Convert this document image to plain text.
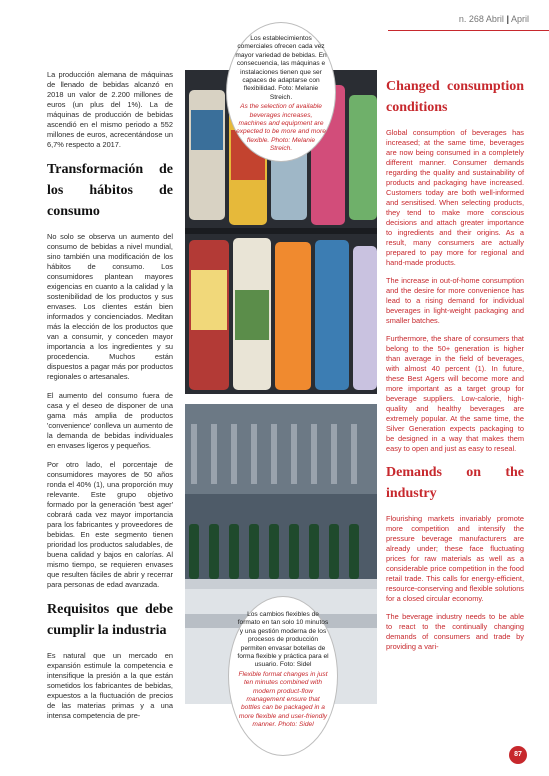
n. 268 Abril | April

La producción alemana de máquinas de llenado de bebidas alcanzó en 2018 un valor de 2.200 millones de euros (un plus del 1%). La de máquinas de producción de bebidas ascendió en el mismo periodo a 552 millones de euros, acrecentándose un 6,7% respecto a 2017.

Transformación de los hábitos de consumo

No solo se observa un aumento del consumo de bebidas a nivel mundial, sino también una modificación de los hábitos de consumo. Los consumidores plantean mayores exigencias en cuanto a la calidad y la sostenibilidad de los productos y sus envases. Los clientes están bien informados y concienciados. Meditan más la elección de los productos que van a consumir, y conceden mayor importancia a los ingredientes y su procedencia. Muchos están dispuestos a pagar más por productos regionales o artesanales.

El aumento del consumo fuera de casa y el deseo de disponer de una gama más amplia de productos 'convenience' conlleva un aumento de la demanda de bebidas individuales en envases ligeros y pequeños.

Por otro lado, el porcentaje de consumidores mayores de 50 años ronda el 40% (1), una proporción muy relevante. Este grupo objetivo formado por la generación 'best ager' cobrará cada vez mayor importancia para los fabricantes y proveedores de bebidas. En este segmento tienen prioridad los productos saludables, de buena calidad y bajos en calorías. Al mismo tiempo, se requieren envases que resulten fáciles de abrir y recerrar para personas de edad avanzada.

Requisitos que debe cumplir la industria

Es natural que un mercado en expansión estimule la competencia e intensifique la presión a la que están sometidos los fabricantes de bebidas, expuestos a la fluctuación de precios de las materias primas y a una intensa competencia de pre-

Los establecimientos comerciales ofrecen cada vez mayor variedad de bebidas. En consecuencia, las máquinas e instalaciones tienen que ser capaces de adaptarse con flexibilidad. Foto: Melanie Streich.
As the selection of available beverages increases, machines and equipment are expected to be more and more flexible. Photo: Melanie Streich.
Los cambios flexibles de formato en tan solo 10 minutos y una gestión moderna de los procesos de producción permiten envasar botellas de forma flexible y práctica para el usuario. Foto: Sidel
Flexible format changes in just ten minutes combined with modern product-flow management ensure that bottles can be packaged in a more flexible and user-friendly manner. Photo: Sidel
Changed consumption conditions

Global consumption of beverages has increased; at the same time, beverages are now being consumed in a completely different manner. Consumer demands regarding the quality and sustainability of products and packaging have increased. Customers today are both well-informed and sensitised. When selecting products, they tend to make more conscious decisions and attach greater importance to ingredients and their origins. As a result, many consumers are actually prepared to pay more for regional and hand-made products.

The increase in out-of-home consumption and the desire for more convenience has lead to a rising demand for individual beverages in light-weight packaging and smaller batches.

Furthermore, the share of consumers that belong to the 50+ generation is higher than average in the field of beverages, with almost 40 percent (1). In future, these Best Agers will become more and more important as a target group for beverage suppliers. Low-calorie, high-quality and healthy beverages are extremely popular. At the same time, the Silver Generation expects packaging to be designed in a way that makes them easy to open and just as easy to reseal.

Demands on the industry

Flourishing markets invariably promote more competition and intensify the pressure beverage manufacturers are already under; these face fluctuating prices for raw materials as well as a considerable price competition in the food retail trade. This calls for energy-efficient, resource-conserving and flexible solutions for a closed circular economy.

The beverage industry needs to be able to react to the continually changing demands of consumers and trade by providing a vari-

87
